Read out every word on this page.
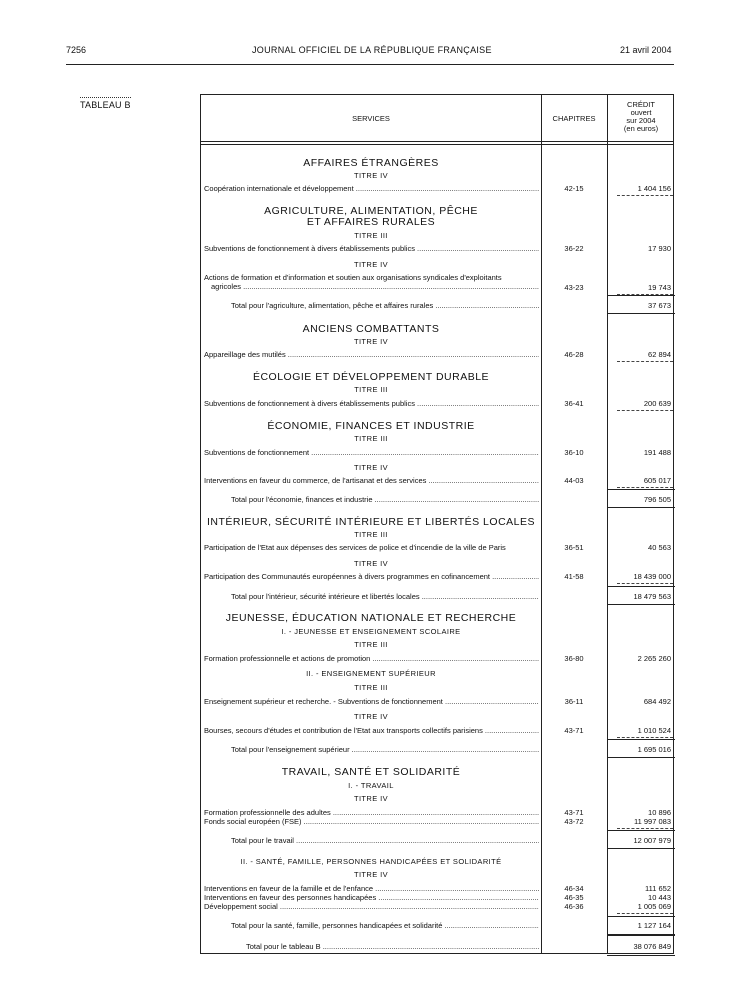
7256	JOURNAL OFFICIEL DE LA RÉPUBLIQUE FRANÇAISE	21 avril 2004
TABLEAU B
SERVICES	CHAPITRES
CRÉDIT
ouvert
sur 2004
(en euros)
AFFAIRES ÉTRANGÈRES
TITRE IV
Coopération internationale et développement .....	42-15	1 404 156
AGRICULTURE, ALIMENTATION, PÊCHE
ET AFFAIRES RURALES
TITRE III
Subventions de fonctionnement à divers établissements publics .....	36-22	17 930
TITRE IV
Actions de formation et d'information et soutien aux organisations syndicales d'exploitants
agricoles .....	43-23	19 743
Total pour l'agriculture, alimentation, pêche et affaires rurales .....	37 673
ANCIENS COMBATTANTS
TITRE IV
Appareillage des mutilés .....	46-28	62 894
ÉCOLOGIE ET DÉVELOPPEMENT DURABLE
TITRE III
Subventions de fonctionnement à divers établissements publics .....	36-41	200 639
ÉCONOMIE, FINANCES ET INDUSTRIE
TITRE III
Subventions de fonctionnement .....	36-10	191 488
TITRE IV
Interventions en faveur du commerce, de l'artisanat et des services .....	44-03	605 017
Total pour l'économie, finances et industrie .....	796 505
INTÉRIEUR, SÉCURITÉ INTÉRIEURE ET LIBERTÉS LOCALES
TITRE III
Participation de l'Etat aux dépenses des services de police et d'incendie de la ville de Paris	36-51	40 563
TITRE IV
Participation des Communautés européennes à divers programmes en cofinancement .....	41-58	18 439 000
Total pour l'intérieur, sécurité intérieure et libertés locales .....	18 479 563
JEUNESSE, ÉDUCATION NATIONALE ET RECHERCHE
I. - JEUNESSE ET ENSEIGNEMENT SCOLAIRE
TITRE III
Formation professionnelle et actions de promotion .....	36-80	2 265 260
II. - ENSEIGNEMENT SUPÉRIEUR
TITRE III
Enseignement supérieur et recherche. - Subventions de fonctionnement .....	36-11	684 492
TITRE IV
Bourses, secours d'études et contribution de l'Etat aux transports collectifs parisiens .....	43-71	1 010 524
Total pour l'enseignement supérieur .....	1 695 016
TRAVAIL, SANTÉ ET SOLIDARITÉ
I. - TRAVAIL
TITRE IV
Formation professionnelle des adultes .....	43-71	10 896
Fonds social européen (FSE) .....	43-72	11 997 083
Total pour le travail .....	12 007 979
II. - SANTÉ, FAMILLE, PERSONNES HANDICAPÉES ET SOLIDARITÉ
TITRE IV
Interventions en faveur de la famille et de l'enfance .....	46-34	111 652
Interventions en faveur des personnes handicapées .....	46-35	10 443
Développement social .....	46-36	1 005 069
Total pour la santé, famille, personnes handicapées et solidarité .....	1 127 164
Total pour le tableau B .....	38 076 849
